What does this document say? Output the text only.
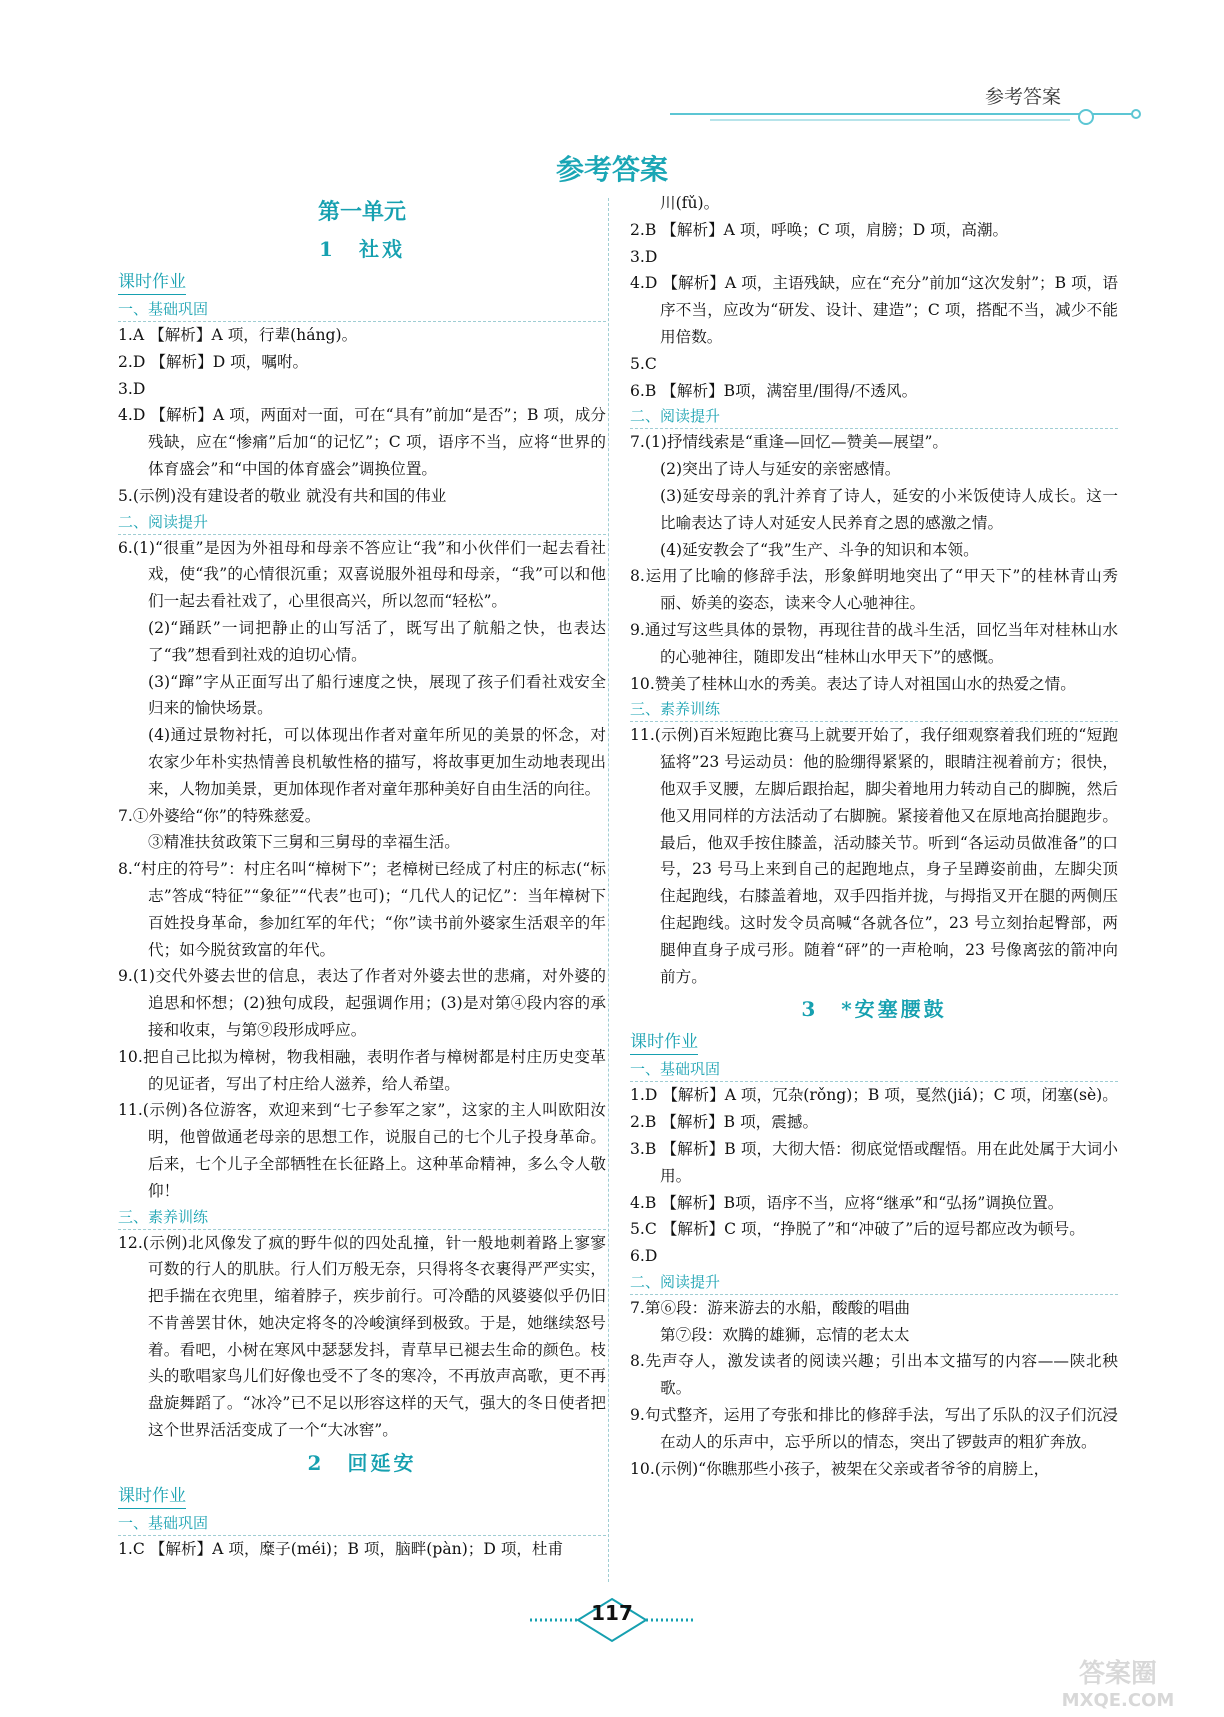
参考答案
参考答案
第一单元
1　社戏
课时作业
一、基础巩固

1.A 【解析】A 项，行辈(háng)。

2.D 【解析】D 项，嘱咐。

3.D

4.D 【解析】A 项，两面对一面，可在“具有”前加“是否”；B 项，成分残缺，应在“惨痛”后加“的记忆”；C 项，语序不当，应将“世界的体育盛会”和“中国的体育盛会”调换位置。

5.(示例)没有建设者的敬业 就没有共和国的伟业

二、阅读提升

6.(1)“很重”是因为外祖母和母亲不答应让“我”和小伙伴们一起去看社戏，使“我”的心情很沉重；双喜说服外祖母和母亲，“我”可以和他们一起去看社戏了，心里很高兴，所以忽而“轻松”。

(2)“踊跃”一词把静止的山写活了，既写出了航船之快，也表达了“我”想看到社戏的迫切心情。

(3)“蹿”字从正面写出了船行速度之快，展现了孩子们看社戏安全归来的愉快场景。

(4)通过景物衬托，可以体现出作者对童年所见的美景的怀念，对农家少年朴实热情善良机敏性格的描写，将故事更加生动地表现出来，人物加美景，更加体现作者对童年那种美好自由生活的向往。

7.①外婆给“你”的特殊慈爱。

③精准扶贫政策下三舅和三舅母的幸福生活。

8.“村庄的符号”：村庄名叫“樟树下”；老樟树已经成了村庄的标志(“标志”答成“特征”“象征”“代表”也可)；“几代人的记忆”：当年樟树下百姓投身革命，参加红军的年代；“你”读书前外婆家生活艰辛的年代；如今脱贫致富的年代。

9.(1)交代外婆去世的信息，表达了作者对外婆去世的悲痛，对外婆的追思和怀想；(2)独句成段，起强调作用；(3)是对第④段内容的承接和收束，与第⑨段形成呼应。

10.把自己比拟为樟树，物我相融，表明作者与樟树都是村庄历史变革的见证者，写出了村庄给人滋养，给人希望。

11.(示例)各位游客，欢迎来到“七子参军之家”，这家的主人叫欧阳汝明，他曾做通老母亲的思想工作，说服自己的七个儿子投身革命。后来，七个儿子全部牺牲在长征路上。这种革命精神，多么令人敬仰！

三、素养训练

12.(示例)北风像发了疯的野牛似的四处乱撞，针一般地刺着路上寥寥可数的行人的肌肤。行人们万般无奈，只得将冬衣裹得严严实实，把手揣在衣兜里，缩着脖子，疾步前行。可冷酷的风婆婆似乎仍旧不肯善罢甘休，她决定将冬的冷峻演绎到极致。于是，她继续怒号着。看吧，小树在寒风中瑟瑟发抖，青草早已褪去生命的颜色。枝头的歌唱家鸟儿们好像也受不了冬的寒冷，不再放声高歌，更不再盘旋舞蹈了。“冰冷”已不足以形容这样的天气，强大的冬日使者把这个世界活活变成了一个“大冰窖”。

2　回延安
课时作业
一、基础巩固

1.C 【解析】A 项，糜子(méi)；B 项，脑畔(pàn)；D 项，杜甫

川(fǔ)。

2.B 【解析】A 项，呼唤；C 项，肩膀；D 项，高潮。

3.D

4.D 【解析】A 项，主语残缺，应在“充分”前加“这次发射”；B 项，语序不当，应改为“研发、设计、建造”；C 项，搭配不当，减少不能用倍数。

5.C

6.B 【解析】B项，满窑里/围得/不透风。

二、阅读提升

7.(1)抒情线索是“重逢—回忆—赞美—展望”。

(2)突出了诗人与延安的亲密感情。

(3)延安母亲的乳汁养育了诗人，延安的小米饭使诗人成长。这一比喻表达了诗人对延安人民养育之恩的感激之情。

(4)延安教会了“我”生产、斗争的知识和本领。

8.运用了比喻的修辞手法，形象鲜明地突出了“甲天下”的桂林青山秀丽、娇美的姿态，读来令人心驰神往。

9.通过写这些具体的景物，再现往昔的战斗生活，回忆当年对桂林山水的心驰神往，随即发出“桂林山水甲天下”的感慨。

10.赞美了桂林山水的秀美。表达了诗人对祖国山水的热爱之情。

三、素养训练

11.(示例)百米短跑比赛马上就要开始了，我仔细观察着我们班的“短跑猛将”23 号运动员：他的脸绷得紧紧的，眼睛注视着前方；很快，他双手叉腰，左脚后跟抬起，脚尖着地用力转动自己的脚腕，然后他又用同样的方法活动了右脚腕。紧接着他又在原地高抬腿跑步。最后，他双手按住膝盖，活动膝关节。听到“各运动员做准备”的口号，23 号马上来到自己的起跑地点，身子呈蹲姿前曲，左脚尖顶住起跑线，右膝盖着地，双手四指并拢，与拇指叉开在腿的两侧压住起跑线。这时发令员高喊“各就各位”，23 号立刻抬起臀部，两腿伸直身子成弓形。随着“砰”的一声枪响，23 号像离弦的箭冲向前方。

3　*安塞腰鼓
课时作业
一、基础巩固

1.D 【解析】A 项，冗杂(rǒng)；B 项，戛然(jiá)；C 项，闭塞(sè)。

2.B 【解析】B 项，震撼。

3.B 【解析】B 项，大彻大悟：彻底觉悟或醒悟。用在此处属于大词小用。

4.B 【解析】B项，语序不当，应将“继承”和“弘扬”调换位置。

5.C 【解析】C 项，“挣脱了”和“冲破了”后的逗号都应改为顿号。

6.D

二、阅读提升

7.第⑥段：游来游去的水船，酸酸的唱曲

第⑦段：欢腾的雄狮，忘情的老太太

8.先声夺人，激发读者的阅读兴趣；引出本文描写的内容——陕北秧歌。

9.句式整齐，运用了夸张和排比的修辞手法，写出了乐队的汉子们沉浸在动人的乐声中，忘乎所以的情态，突出了锣鼓声的粗犷奔放。

10.(示例)“你瞧那些小孩子，被架在父亲或者爷爷的肩膀上，

117
答案圈
MXQE.COM
